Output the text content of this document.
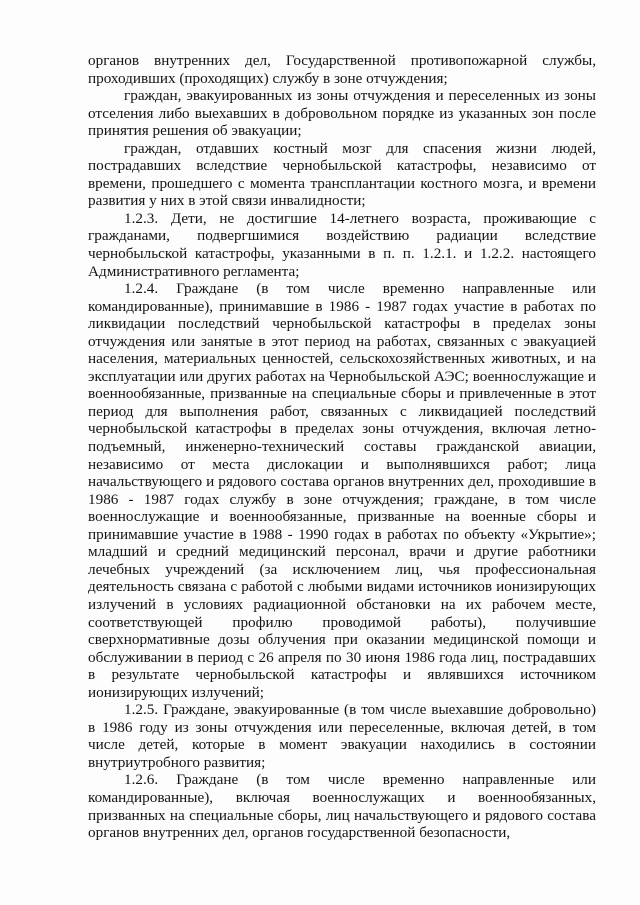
органов внутренних дел, Государственной противопожарной службы, проходивших (проходящих) службу в зоне отчуждения;

граждан, эвакуированных из зоны отчуждения и переселенных из зоны отселения либо выехавших в добровольном порядке из указанных зон после принятия решения об эвакуации;

граждан, отдавших костный мозг для спасения жизни людей, пострадавших вследствие чернобыльской катастрофы, независимо от времени, прошедшего с момента трансплантации костного мозга, и времени развития у них в этой связи инвалидности;

1.2.3. Дети, не достигшие 14-летнего возраста, проживающие с гражданами, подвергшимися воздействию радиации вследствие чернобыльской катастрофы, указанными в п. п. 1.2.1. и 1.2.2. настоящего Административного регламента;

1.2.4. Граждане (в том числе временно направленные или командированные), принимавшие в 1986 - 1987 годах участие в работах по ликвидации последствий чернобыльской катастрофы в пределах зоны отчуждения или занятые в этот период на работах, связанных с эвакуацией населения, материальных ценностей, сельскохозяйственных животных, и на эксплуатации или других работах на Чернобыльской АЭС; военнослужащие и военнообязанные, призванные на специальные сборы и привлеченные в этот период для выполнения работ, связанных с ликвидацией последствий чернобыльской катастрофы в пределах зоны отчуждения, включая летно-подъемный, инженерно-технический составы гражданской авиации, независимо от места дислокации и выполнявшихся работ; лица начальствующего и рядового состава органов внутренних дел, проходившие в 1986 - 1987 годах службу в зоне отчуждения; граждане, в том числе военнослужащие и военнообязанные, призванные на военные сборы и принимавшие участие в 1988 - 1990 годах в работах по объекту «Укрытие»; младший и средний медицинский персонал, врачи и другие работники лечебных учреждений (за исключением лиц, чья профессиональная деятельность связана с работой с любыми видами источников ионизирующих излучений в условиях радиационной обстановки на их рабочем месте, соответствующей профилю проводимой работы), получившие сверхнормативные дозы облучения при оказании медицинской помощи и обслуживании в период с 26 апреля по 30 июня 1986 года лиц, пострадавших в результате чернобыльской катастрофы и являвшихся источником ионизирующих излучений;

1.2.5. Граждане, эвакуированные (в том числе выехавшие добровольно) в 1986 году из зоны отчуждения или переселенные, включая детей, в том числе детей, которые в момент эвакуации находились в состоянии внутриутробного развития;

1.2.6. Граждане (в том числе временно направленные или командированные), включая военнослужащих и военнообязанных, призванных на специальные сборы, лиц начальствующего и рядового состава органов внутренних дел, органов государственной безопасности,
